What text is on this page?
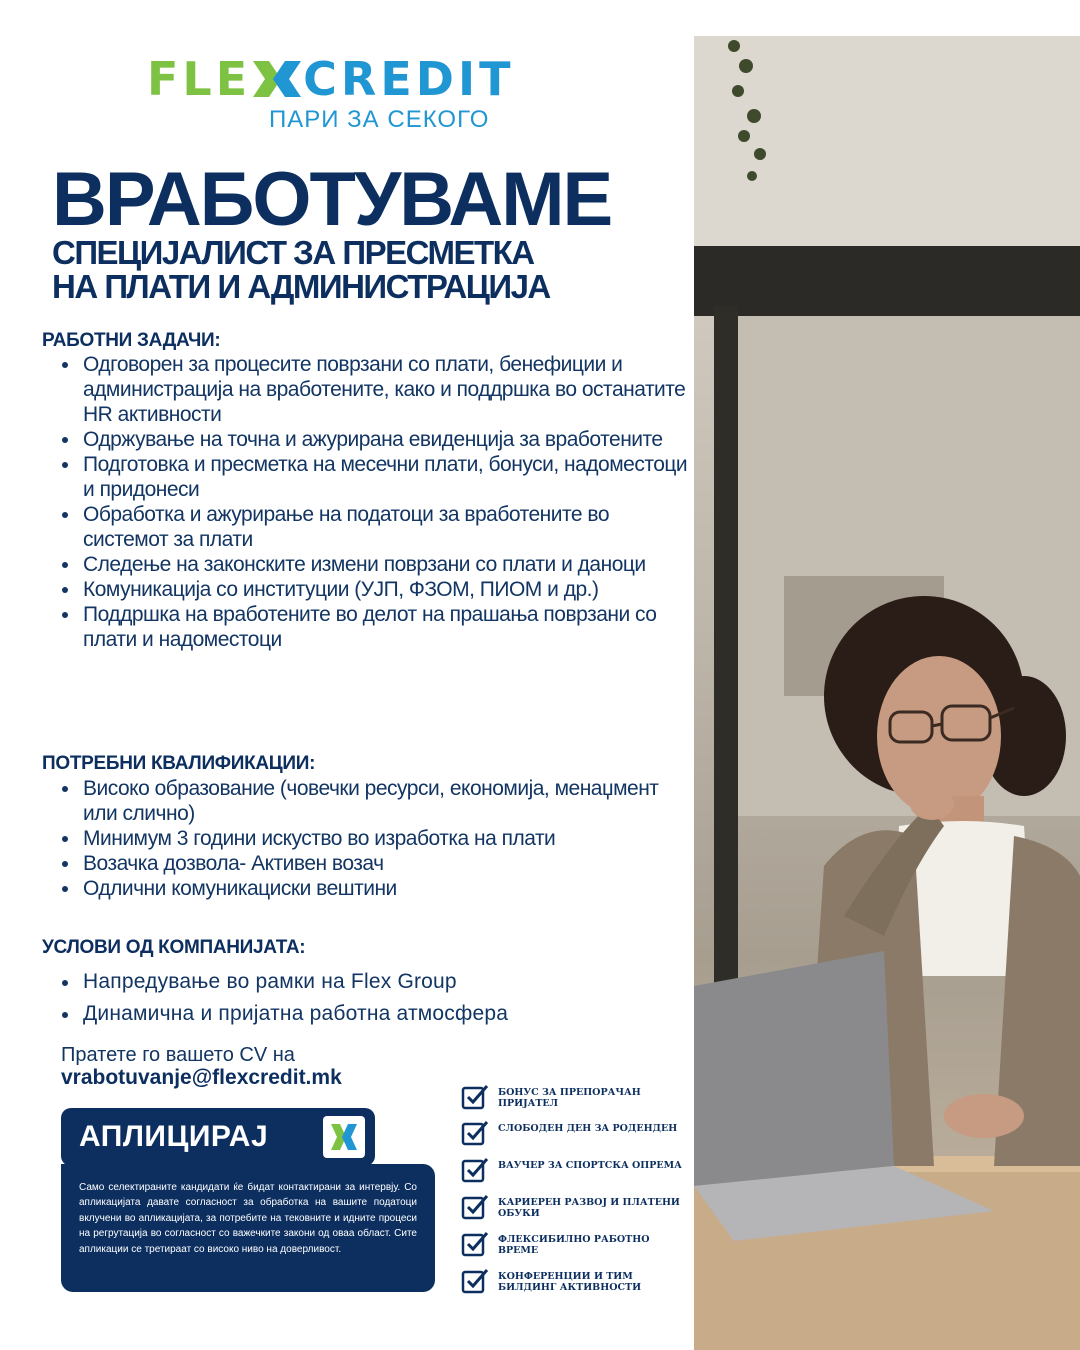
FLE CREDIT
ПАРИ ЗА СЕКОГО
ВРАБОТУВАМЕ
СПЕЦИЈАЛИСТ ЗА ПРЕСМЕТКА
НА ПЛАТИ И АДМИНИСТРАЦИЈА
РАБОТНИ ЗАДАЧИ:
Одговорен за процесите поврзани со плати, бенефиции и администрација на вработените, како и поддршка во останатите HR активности
Одржување на точна и ажурирана евиденција за вработените
Подготовка и пресметка на месечни плати, бонуси, надоместоци и придонеси
Обработка и ажурирање на податоци за вработените во системот за плати
Следење на законските измени поврзани со плати и даноци
Комуникација со институции (УЈП, ФЗОМ, ПИОМ и др.)
Поддршка на вработените во делот на прашања поврзани со плати и надоместоци
ПОТРЕБНИ КВАЛИФИКАЦИИ:
Високо образование (човечки ресурси, економија, менаџмент или слично)
Минимум 3 години искуство во изработка на плати
Возачка дозвола- Активен возач
Одлични комуникациски вештини
УСЛОВИ ОД КОМПАНИЈАТА:
Напредување во рамки на Flex Group
Динамична и пријатна работна атмосфера
Пратете го вашето CV на
vrabotuvanje@flexcredit.mk
АПЛИЦИРАЈ

Само селектираните кандидати ќе бидат контактирани за интервју. Со апликацијата давате согласност за обработка на вашите податоци вклучени во апликацијата, за потребите на тековните и идните процеси на регрутација во согласност со важечките закони од оваа област. Сите апликации се третираат со високо ниво на доверливост.

БОНУС ЗА ПРЕПОРАЧАН ПРИЈАТЕЛ
СЛОБОДЕН ДЕН ЗА РОДЕНДЕН
ВАУЧЕР ЗА СПОРТСКА ОПРЕМА
КАРИЕРЕН РАЗВОЈ И ПЛАТЕНИ ОБУКИ
ФЛЕКСИБИЛНО РАБОТНО ВРЕМЕ
КОНФЕРЕНЦИИ И ТИМ БИЛДИНГ АКТИВНОСТИ
